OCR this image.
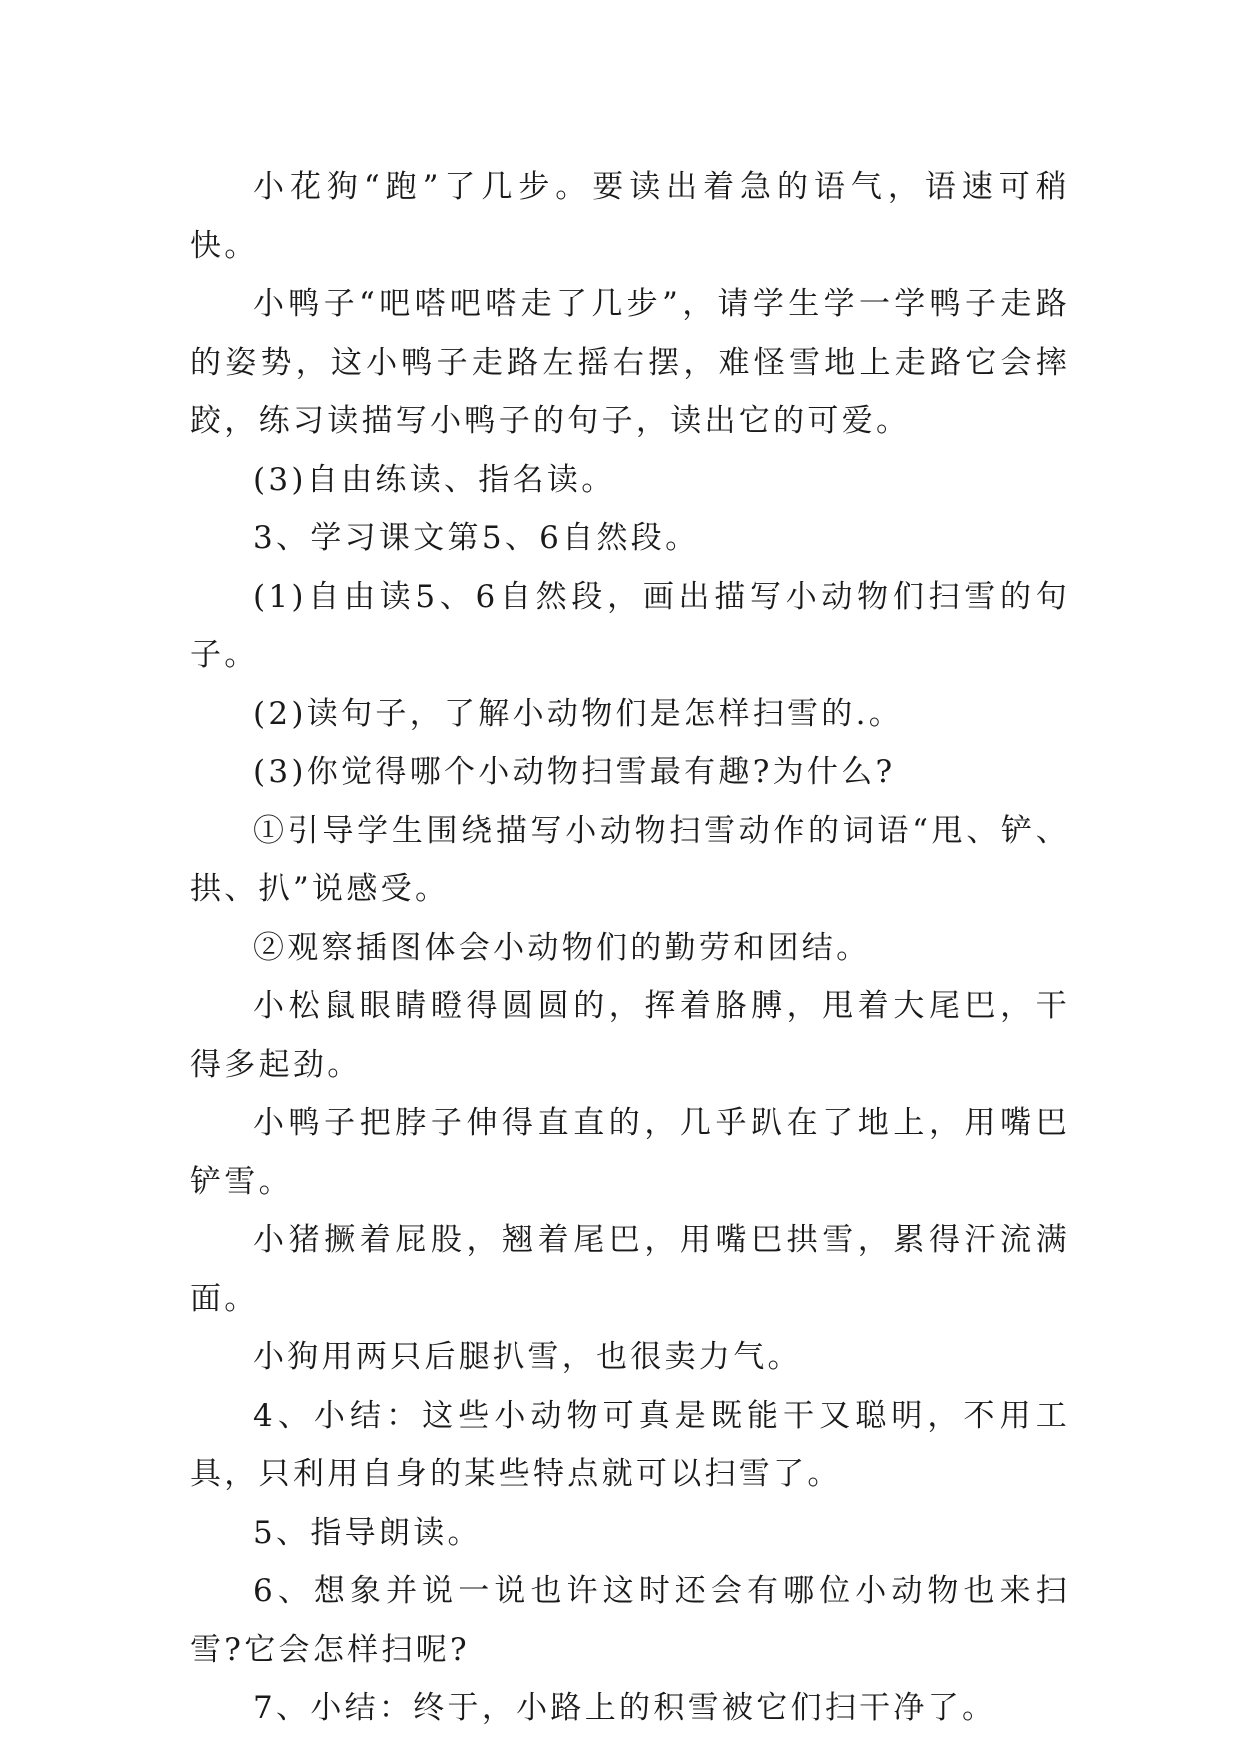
小花狗“跑”了几步。要读出着急的语气，语速可稍快。

小鸭子“吧嗒吧嗒走了几步”，请学生学一学鸭子走路的姿势，这小鸭子走路左摇右摆，难怪雪地上走路它会摔跤，练习读描写小鸭子的句子，读出它的可爱。

(3)自由练读、指名读。

3、学习课文第5、6自然段。

(1)自由读5、6自然段，画出描写小动物们扫雪的句子。

(2)读句子，了解小动物们是怎样扫雪的.。

(3)你觉得哪个小动物扫雪最有趣?为什么?

①引导学生围绕描写小动物扫雪动作的词语“甩、铲、拱、扒”说感受。

②观察插图体会小动物们的勤劳和团结。

小松鼠眼睛瞪得圆圆的，挥着胳膊，甩着大尾巴，干得多起劲。

小鸭子把脖子伸得直直的，几乎趴在了地上，用嘴巴铲雪。

小猪撅着屁股，翘着尾巴，用嘴巴拱雪，累得汗流满面。

小狗用两只后腿扒雪，也很卖力气。

4、小结：这些小动物可真是既能干又聪明，不用工具，只利用自身的某些特点就可以扫雪了。

5、指导朗读。

6、想象并说一说也许这时还会有哪位小动物也来扫雪?它会怎样扫呢?

7、小结：终于，小路上的积雪被它们扫干净了。
